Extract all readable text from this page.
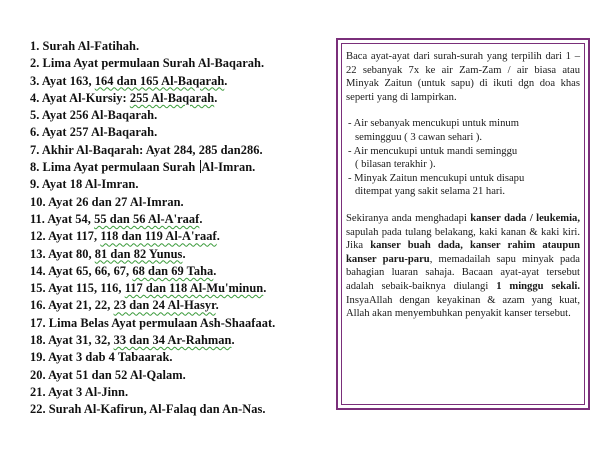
1. Surah Al-Fatihah.
2. Lima Ayat permulaan Surah Al-Baqarah.
3. Ayat 163, 164 dan 165 Al-Baqarah.
4. Ayat Al-Kursiy: 255 Al-Baqarah.
5. Ayat 256 Al-Baqarah.
6. Ayat 257 Al-Baqarah.
7. Akhir Al-Baqarah: Ayat 284, 285 dan286.
8. Lima Ayat permulaan Surah Al-Imran.
9. Ayat 18 Al-Imran.
10. Ayat 26 dan 27 Al-Imran.
11. Ayat 54, 55 dan 56 Al-A'raaf.
12. Ayat 117, 118 dan 119 Al-A'raaf.
13. Ayat 80, 81 dan 82 Yunus.
14. Ayat 65, 66, 67, 68 dan 69 Taha.
15. Ayat 115, 116, 117 dan 118 Al-Mu'minun.
16. Ayat 21, 22, 23 dan 24 Al-Hasyr.
17. Lima Belas Ayat permulaan Ash-Shaafaat.
18. Ayat 31, 32, 33 dan 34 Ar-Rahman.
19. Ayat 3 dab 4 Tabaarak.
20. Ayat 51 dan 52 Al-Qalam.
21. Ayat 3 Al-Jinn.
22. Surah Al-Kafirun, Al-Falaq dan An-Nas.

Baca ayat-ayat dari surah-surah yang terpilih dari 1 – 22 sebanyak 7x ke air Zam-Zam / air biasa atau Minyak Zaitun (untuk sapu) di ikuti dgn doa khas seperti yang di lampirkan.

- Air sebanyak mencukupi untuk minum

semingguu ( 3 cawan sehari ).

- Air mencukupi untuk mandi seminggu

( bilasan terakhir ).

- Minyak Zaitun mencukupi untuk disapu

ditempat yang sakit selama 21 hari.

Sekiranya anda menghadapi kanser dada / leukemia, sapulah pada tulang belakang, kaki kanan & kaki kiri. Jika kanser buah dada, kanser rahim ataupun kanser paru-paru, memadailah sapu minyak pada bahagian luaran sahaja. Bacaan ayat-ayat tersebut adalah sebaik-baiknya diulangi 1 minggu sekali. InsyaAllah dengan keyakinan & azam yang kuat, Allah akan menyembuhkan penyakit kanser tersebut.
